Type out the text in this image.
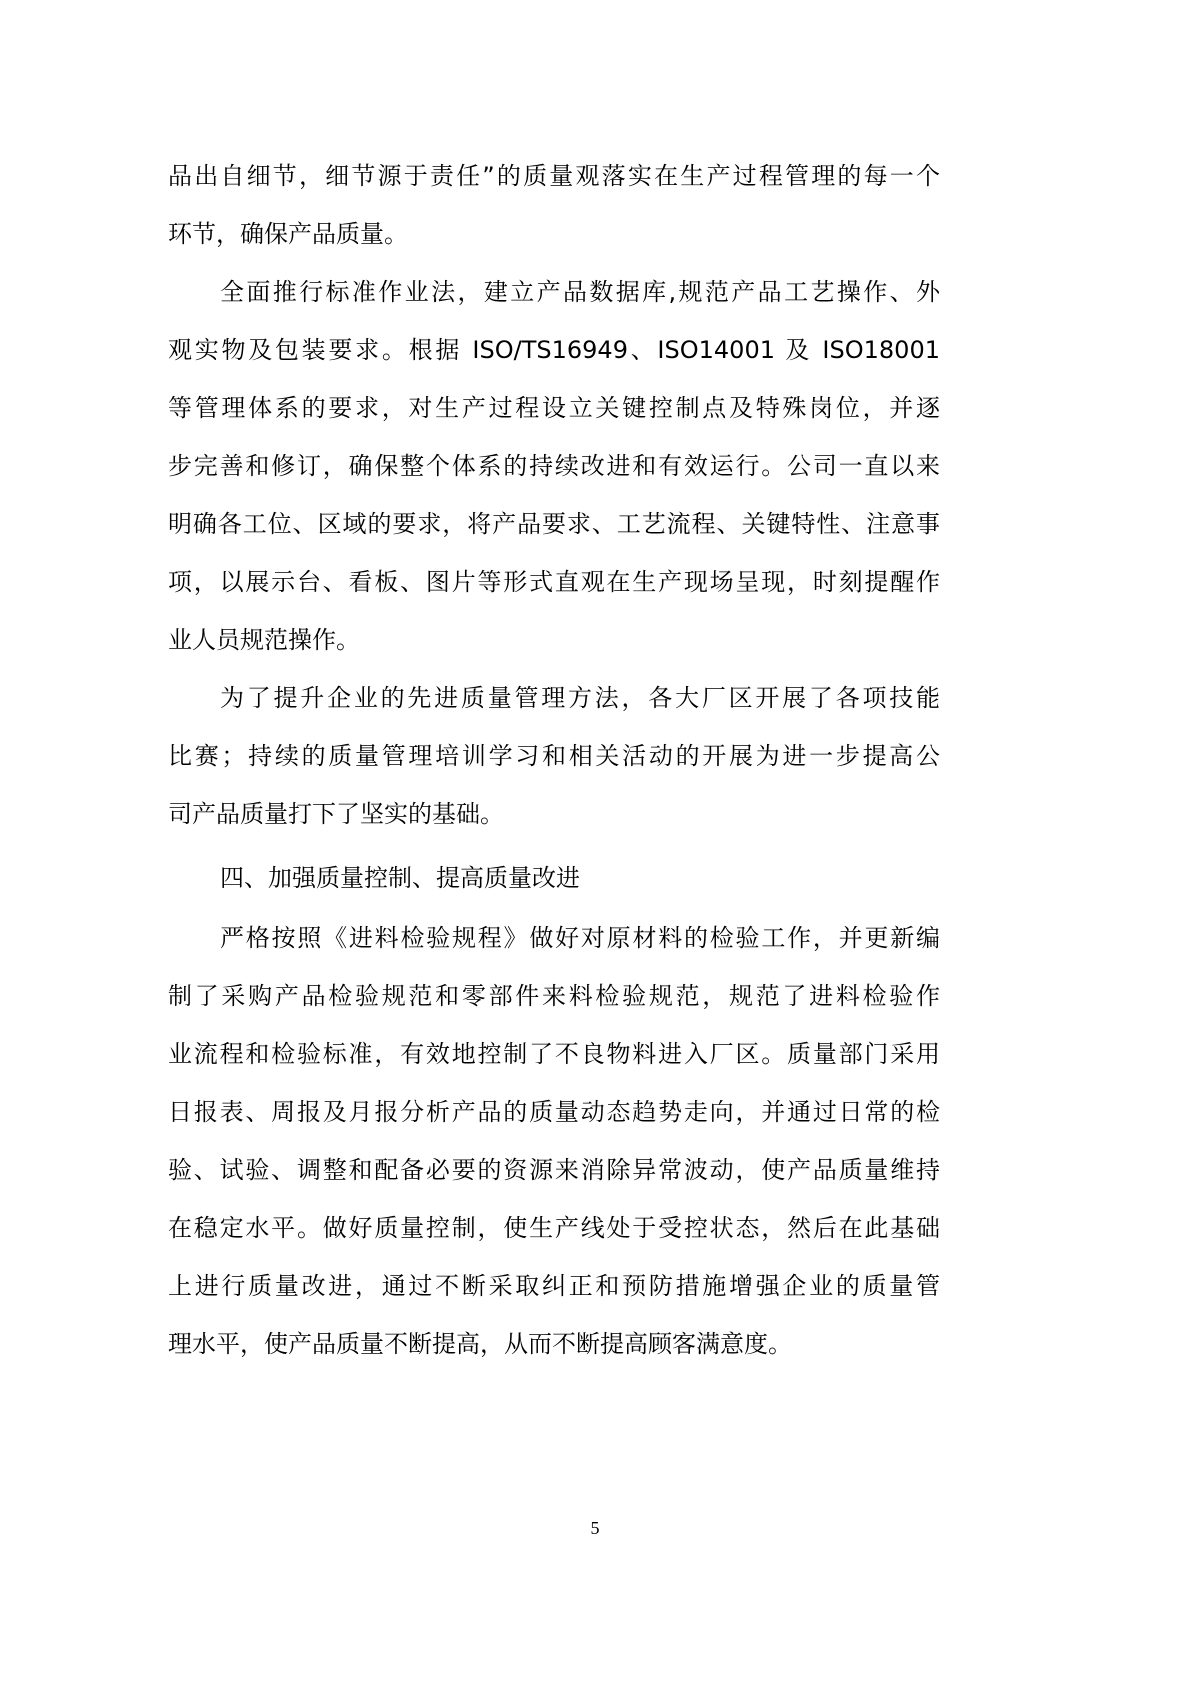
品出自细节，细节源于责任”的质量观落实在生产过程管理的每一个
环节，确保产品质量。
全面推行标准作业法，建立产品数据库,规范产品工艺操作、外
观实物及包装要求。根据 ISO/TS16949、ISO14001 及 ISO18001
等管理体系的要求，对生产过程设立关键控制点及特殊岗位，并逐
步完善和修订，确保整个体系的持续改进和有效运行。公司一直以来
明确各工位、区域的要求，将产品要求、工艺流程、关键特性、注意事
项，以展示台、看板、图片等形式直观在生产现场呈现，时刻提醒作
业人员规范操作。
为了提升企业的先进质量管理方法，各大厂区开展了各项技能
比赛；持续的质量管理培训学习和相关活动的开展为进一步提高公
司产品质量打下了坚实的基础。
四、加强质量控制、提高质量改进
严格按照《进料检验规程》做好对原材料的检验工作，并更新编
制了采购产品检验规范和零部件来料检验规范，规范了进料检验作
业流程和检验标准，有效地控制了不良物料进入厂区。质量部门采用
日报表、周报及月报分析产品的质量动态趋势走向，并通过日常的检
验、试验、调整和配备必要的资源来消除异常波动，使产品质量维持
在稳定水平。做好质量控制，使生产线处于受控状态，然后在此基础
上进行质量改进，通过不断采取纠正和预防措施增强企业的质量管
理水平，使产品质量不断提高，从而不断提高顾客满意度。
5
